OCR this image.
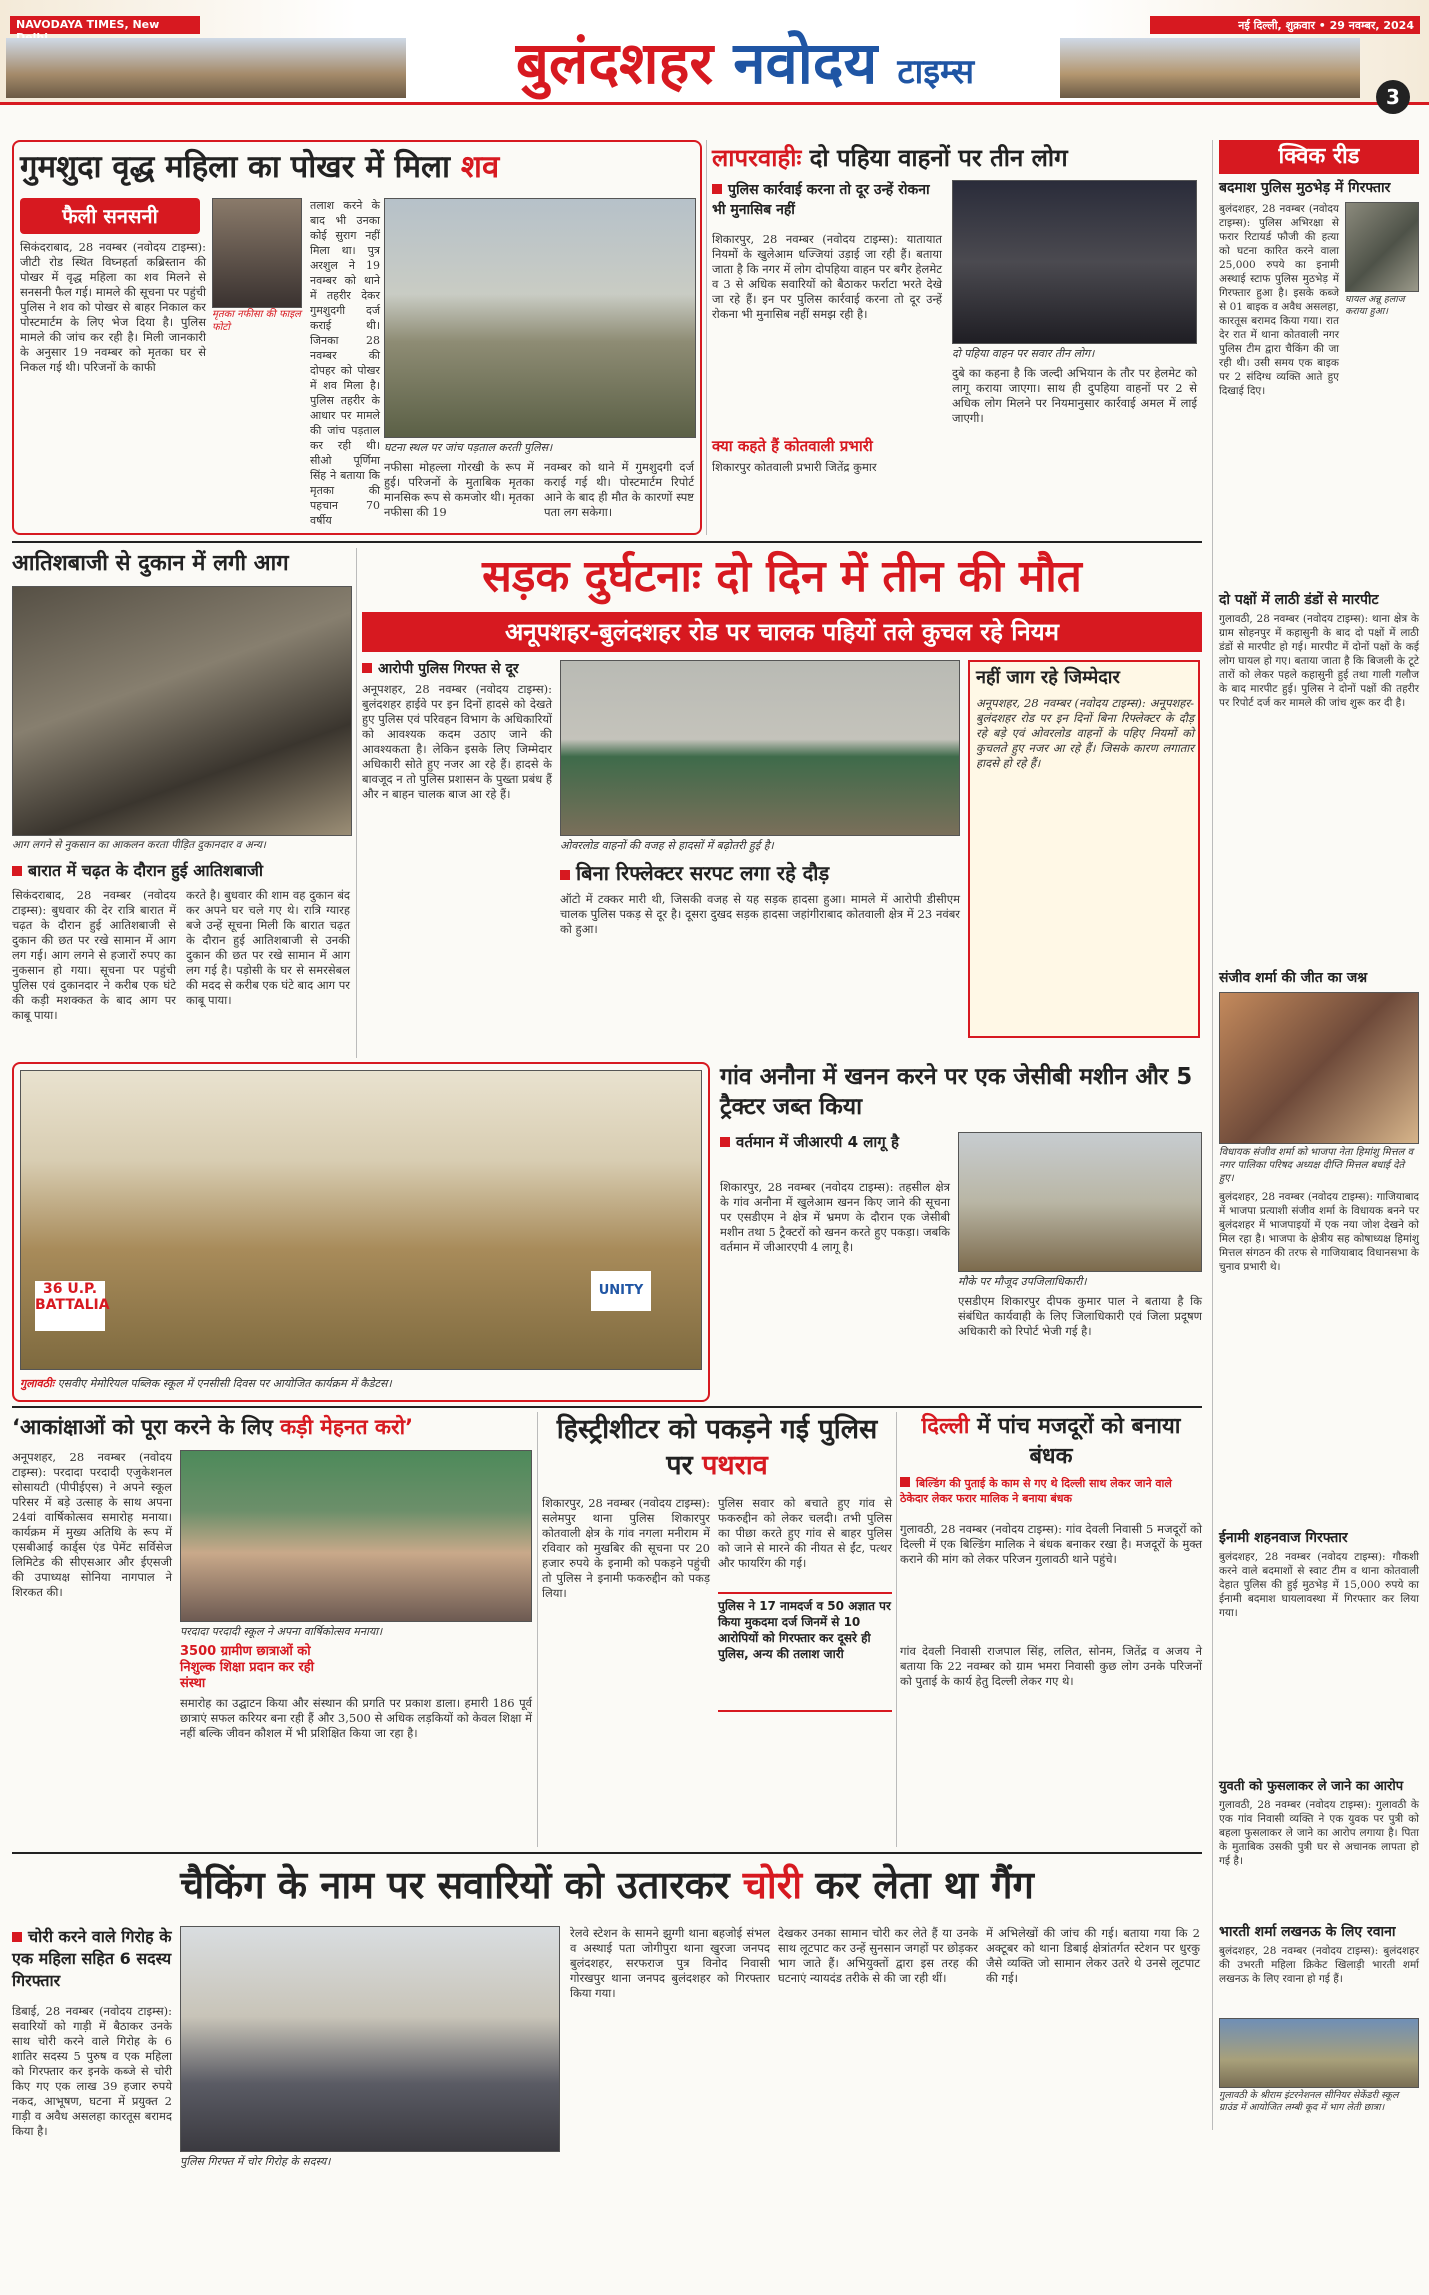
NAVODAYA TIMES, New
बुलंदशहर नवोदय टाइम्स
नई दिल्ली, शुक्रवार • 29 नवम्बर, 2024
3
गुमशुदा वृद्ध महिला का पोखर में मिला शव
फैली सनसनी
सिकंदराबाद, 28 नवम्बर (नवोदय टाइम्स): जीटी रोड स्थित विघ्नहर्ता कब्रिस्तान की पोखर में वृद्ध महिला का शव मिलने से सनसनी फैल गई। मामले की सूचना पर पहुंची पुलिस ने शव को पोखर से बाहर निकाल कर पोस्टमार्टम के लिए भेज दिया है। पुलिस मामले की जांच कर रही है। मिली जानकारी के अनुसार 19 नवम्बर को मृतका घर से निकल गई थी। परिजनों के काफी
मृतका नफीसा की फाइल फोटो
तलाश करने के बाद भी उनका कोई सुराग नहीं मिला था। पुत्र अरशुल ने 19 नवम्बर को थाने में तहरीर देकर गुमशुदगी दर्ज कराई थी। जिनका 28 नवम्बर की दोपहर को पोखर में शव मिला है। पुलिस तहरीर के आधार पर मामले की जांच पड़ताल कर रही थी। सीओ पूर्णिमा सिंह ने बताया कि मृतका की पहचान 70 वर्षीय
घटना स्थल पर जांच पड़ताल करती पुलिस।
नफीसा मोहल्ला गोरखी के रूप में हुई। परिजनों के मुताबिक मृतका मानसिक रूप से कमजोर थी। मृतका नफीसा की 19
नवम्बर को थाने में गुमशुदगी दर्ज कराई गई थी। पोस्टमार्टम रिपोर्ट आने के बाद ही मौत के कारणों स्पष्ट पता लग सकेगा।
लापरवाहीः दो पहिया वाहनों पर तीन लोग
पुलिस कार्रवाई करना तो दूर उन्हें रोकना भी मुनासिब नहीं
शिकारपुर, 28 नवम्बर (नवोदय टाइम्स): यातायात नियमों के खुलेआम धज्जियां उड़ाई जा रही हैं। बताया जाता है कि नगर में लोग दोपहिया वाहन पर बगैर हेलमेट व 3 से अधिक सवारियों को बैठाकर फर्राटा भरते देखे जा रहे हैं। इन पर पुलिस कार्रवाई करना तो दूर उन्हें रोकना भी मुनासिब नहीं समझ रही है।
क्या कहते हैं कोतवाली प्रभारी
शिकारपुर कोतवाली प्रभारी जितेंद्र कुमार
दो पहिया वाहन पर सवार तीन लोग।
दुबे का कहना है कि जल्दी अभियान के तौर पर हेलमेट को लागू कराया जाएगा। साथ ही दुपहिया वाहनों पर 2 से अधिक लोग मिलने पर नियमानुसार कार्रवाई अमल में लाई जाएगी।
क्विक रीड
बदमाश पुलिस मुठभेड़ में गिरफ्तार
बुलंदशहर, 28 नवम्बर (नवोदय टाइम्स): पुलिस अभिरक्षा से फरार रिटायर्ड फौजी की हत्या को घटना कारित करने वाला 25,000 रुपये का इनामी अस्थाई स्टाफ पुलिस मुठभेड़ में गिरफ्तार हुआ है। इसके कब्जे से 01 बाइक व अवैध असलहा, कारतूस बरामद किया गया। रात देर रात में थाना कोतवाली नगर पुलिस टीम द्वारा चैकिंग की जा रही थी। उसी समय एक बाइक पर 2 संदिग्ध व्यक्ति आते हुए दिखाई दिए।
घायल अन्नू हलाज कराया हुआ।
दो पक्षों में लाठी डंडों से मारपीट
गुलावठी, 28 नवम्बर (नवोदय टाइम्स): थाना क्षेत्र के ग्राम सोहनपुर में कहासुनी के बाद दो पक्षों में लाठी डंडों से मारपीट हो गई। मारपीट में दोनों पक्षों के कई लोग घायल हो गए। बताया जाता है कि बिजली के टूटे तारों को लेकर पहले कहासुनी हुई तथा गाली गलौज के बाद मारपीट हुई। पुलिस ने दोनों पक्षों की तहरीर पर रिपोर्ट दर्ज कर मामले की जांच शुरू कर दी है।
संजीव शर्मा की जीत का जश्न
विधायक संजीव शर्मा को भाजपा नेता हिमांशु मित्तल व नगर पालिका परिषद अध्यक्ष दीप्ति मित्तल बधाई देते हुए।
बुलंदशहर, 28 नवम्बर (नवोदय टाइम्स): गाजियाबाद में भाजपा प्रत्याशी संजीव शर्मा के विधायक बनने पर बुलंदशहर में भाजपाइयों में एक नया जोश देखने को मिल रहा है। भाजपा के क्षेत्रीय सह कोषाध्यक्ष हिमांशु मित्तल संगठन की तरफ से गाजियाबाद विधानसभा के चुनाव प्रभारी थे।
ईनामी शहनवाज गिरफ्तार
बुलंदशहर, 28 नवम्बर (नवोदय टाइम्स): गौकशी करने वाले बदमाशों से स्वाट टीम व थाना कोतवाली देहात पुलिस की हुई मुठभेड़ में 15,000 रुपये का ईनामी बदमाश घायलावस्था में गिरफ्तार कर लिया गया।
युवती को फुसलाकर ले जाने का आरोप
गुलावठी, 28 नवम्बर (नवोदय टाइम्स): गुलावठी के एक गांव निवासी व्यक्ति ने एक युवक पर पुत्री को बहला फुसलाकर ले जाने का आरोप लगाया है। पिता के मुताबिक उसकी पुत्री घर से अचानक लापता हो गई है।
भारती शर्मा लखनऊ के लिए रवाना
बुलंदशहर, 28 नवम्बर (नवोदय टाइम्स): बुलंदशहर की उभरती महिला क्रिकेट खिलाड़ी भारती शर्मा लखनऊ के लिए रवाना हो गई हैं।
गुलावठी के श्रीराम इंटरनेशनल सीनियर सेकेंडरी स्कूल ग्राउंड में आयोजित लम्बी कूद में भाग लेती छात्रा।
आतिशबाजी से दुकान में लगी आग
आग लगने से नुकसान का आकलन करता पीड़ित दुकानदार व अन्य।
बारात में चढ़त के दौरान हुई आतिशबाजी
सिकंदराबाद, 28 नवम्बर (नवोदय टाइम्स): बुधवार की देर रात्रि बारात में चढ़त के दौरान हुई आतिशबाजी से दुकान की छत पर रखे सामान में आग लग गई। आग लगने से हजारों रुपए का नुकसान हो गया। सूचना पर पहुंची पुलिस एवं दुकानदार ने करीब एक घंटे की कड़ी मशक्कत के बाद आग पर काबू पाया।
करते है। बुधवार की शाम वह दुकान बंद कर अपने घर चले गए थे। रात्रि ग्यारह बजे उन्हें सूचना मिली कि बारात चढ़त के दौरान हुई आतिशबाजी से उनकी दुकान की छत पर रखे सामान में आग लग गई है। पड़ोसी के घर से समरसेबल की मदद से करीब एक घंटे बाद आग पर काबू पाया।
सड़क दुर्घटनाः दो दिन में तीन की मौत
अनूपशहर-बुलंदशहर रोड पर चालक पहियों तले कुचल रहे नियम
आरोपी पुलिस गिरफ्त से दूर
अनूपशहर, 28 नवम्बर (नवोदय टाइम्स): बुलंदशहर हाईवे पर इन दिनों हादसे को देखते हुए पुलिस एवं परिवहन विभाग के अधिकारियों को आवश्यक कदम उठाए जाने की आवश्यकता है। लेकिन इसके लिए जिम्मेदार अधिकारी सोते हुए नजर आ रहे हैं। हादसे के बावजूद न तो पुलिस प्रशासन के पुख्ता प्रबंध हैं और न बाहन चालक बाज आ रहे हैं।
ओवरलोड वाहनों की वजह से हादसों में बढ़ोतरी हुई है।
बिना रिफ्लेक्टर सरपट लगा रहे दौड़
ऑटो में टक्कर मारी थी, जिसकी वजह से यह सड़क हादसा हुआ। मामले में आरोपी डीसीएम चालक पुलिस पकड़ से दूर है। दूसरा दुखद सड़क हादसा जहांगीराबाद कोतवाली क्षेत्र में 23 नवंबर को हुआ।
नहीं जाग रहे जिम्मेदार
अनूपशहर, 28 नवम्बर (नवोदय टाइम्स): अनूपशहर-बुलंदशहर रोड पर इन दिनों बिना रिफ्लेक्टर के दौड़ रहे बड़े एवं ओवरलोड वाहनों के पहिए नियमों को कुचलते हुए नजर आ रहे हैं। जिसके कारण लगातार हादसे हो रहे हैं।
36 U.P. BATTALIA
UNITY
गुलावठीः एसवीए मेमोरियल पब्लिक स्कूल में एनसीसी दिवस पर आयोजित कार्यक्रम में कैडेटस।
गांव अनौना में खनन करने पर एक जेसीबी मशीन और 5 ट्रैक्टर जब्त किया
वर्तमान में जीआरपी 4 लागू है
शिकारपुर, 28 नवम्बर (नवोदय टाइम्स): तहसील क्षेत्र के गांव अनौना में खुलेआम खनन किए जाने की सूचना पर एसडीएम ने क्षेत्र में भ्रमण के दौरान एक जेसीबी मशीन तथा 5 ट्रैक्टरों को खनन करते हुए पकड़ा। जबकि वर्तमान में जीआरएपी 4 लागू है।
मौके पर मौजूद उपजिलाधिकारी।
एसडीएम शिकारपुर दीपक कुमार पाल ने बताया है कि संबंधित कार्यवाही के लिए जिलाधिकारी एवं जिला प्रदूषण अधिकारी को रिपोर्ट भेजी गई है।
‘आकांक्षाओं को पूरा करने के लिए कड़ी मेहनत करो’
अनूपशहर, 28 नवम्बर (नवोदय टाइम्स): परदादा परदादी एजुकेशनल सोसायटी (पीपीईएस) ने अपने स्कूल परिसर में बड़े उत्साह के साथ अपना 24वां वार्षिकोत्सव समारोह मनाया। कार्यक्रम में मुख्य अतिथि के रूप में एसबीआई कार्ड्स एंड पेमेंट सर्विसेज लिमिटेड की सीएसआर और ईएसजी की उपाध्यक्ष सोनिया नागपाल ने शिरकत की।
परदादा परदादी स्कूल ने अपना वार्षिकोत्सव मनाया।
3500 ग्रामीण छात्राओं को निशुल्क शिक्षा प्रदान कर रही संस्था
समारोह का उद्घाटन किया और संस्थान की प्रगति पर प्रकाश डाला। हमारी 186 पूर्व छात्राएं सफल करियर बना रही हैं और 3,500 से अधिक लड़कियों को केवल शिक्षा में नहीं बल्कि जीवन कौशल में भी प्रशिक्षित किया जा रहा है।
हिस्ट्रीशीटर को पकड़ने गई पुलिस पर पथराव
शिकारपुर, 28 नवम्बर (नवोदय टाइम्स): सलेमपुर थाना पुलिस शिकारपुर कोतवाली क्षेत्र के गांव नगला मनीराम में रविवार को मुखबिर की सूचना पर 20 हजार रुपये के इनामी को पकड़ने पहुंची तो पुलिस ने इनामी फकरुद्दीन को पकड़ लिया।
पुलिस ने 17 नामदर्ज व 50 अज्ञात पर किया मुकदमा दर्ज जिनमें से 10 आरोपियों को गिरफ्तार कर दूसरे ही पुलिस, अन्य की तलाश जारी
पुलिस सवार को बचाते हुए गांव से फकरुद्दीन को लेकर चलदी। तभी पुलिस का पीछा करते हुए गांव से बाहर पुलिस को जाने से मारने की नीयत से ईंट, पत्थर और फायरिंग की गई।
दिल्ली में पांच मजदूरों को बनाया बंधक
बिल्डिंग की पुताई के काम से गए थे दिल्ली साथ लेकर जाने वाले ठेकेदार लेकर फरार मालिक ने बनाया बंधक
गुलावठी, 28 नवम्बर (नवोदय टाइम्स): गांव देवली निवासी 5 मजदूरों को दिल्ली में एक बिल्डिंग मालिक ने बंधक बनाकर रखा है। मजदूरों के मुक्त कराने की मांग को लेकर परिजन गुलावठी थाने पहुंचे।
गांव देवली निवासी राजपाल सिंह, ललित, सोनम, जितेंद्र व अजय ने बताया कि 22 नवम्बर को ग्राम भमरा निवासी कुछ लोग उनके परिजनों को पुताई के कार्य हेतु दिल्ली लेकर गए थे।
चैकिंग के नाम पर सवारियों को उतारकर चोरी कर लेता था गैंग
चोरी करने वाले गिरोह के एक महिला सहित 6 सदस्य गिरफ्तार
डिबाई, 28 नवम्बर (नवोदय टाइम्स): सवारियों को गाड़ी में बैठाकर उनके साथ चोरी करने वाले गिरोह के 6 शातिर सदस्य 5 पुरुष व एक महिला को गिरफ्तार कर इनके कब्जे से चोरी किए गए एक लाख 39 हजार रुपये नकद, आभूषण, घटना में प्रयुक्त 2 गाड़ी व अवैध असलहा कारतूस बरामद किया है।
पुलिस गिरफ्त में चोर गिरोह के सदस्य।
रेलवे स्टेशन के सामने झुग्गी थाना बहजोई संभल व अस्थाई पता जोगीपुरा थाना खुरजा जनपद बुलंदशहर, सरफराज पुत्र विनोद निवासी गोरखपुर थाना जनपद बुलंदशहर को गिरफ्तार किया गया।
देखकर उनका सामान चोरी कर लेते हैं या उनके साथ लूटपाट कर उन्हें सुनसान जगहों पर छोड़कर भाग जाते हैं। अभियुक्तों द्वारा इस तरह की घटनाएं न्यायदंड तरीके से की जा रही थीं।
में अभिलेखों की जांच की गई। बताया गया कि 2 अक्टूबर को थाना डिबाई क्षेत्रांतर्गत स्टेशन पर धुरकु जैसे व्यक्ति जो सामान लेकर उतरे थे उनसे लूटपाट की गई।
